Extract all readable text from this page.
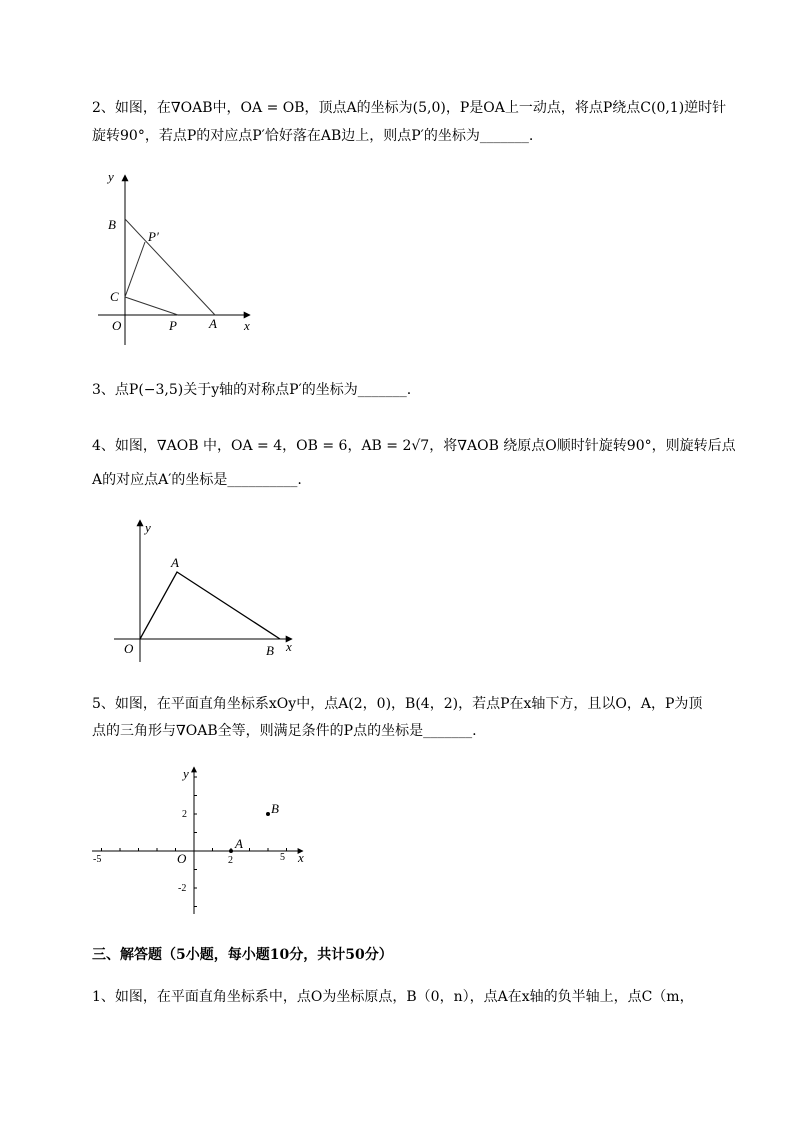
2、如图，在∇OAB中，OA = OB，顶点A的坐标为(5,0)，P是OA上一动点，将点P绕点C(0,1)逆时针
旋转90°，若点P的对应点P′恰好落在AB边上，则点P′的坐标为_______.
y
x
B
P′
C
O	P A
3、点P(−3,5)关于y轴的对称点P′的坐标为_______.
4、如图，∇AOB 中，OA = 4，OB = 6，AB = 2√7，将∇AOB 绕原点O顺时针旋转90°，则旋转后点
A的对应点A′的坐标是__________.
y
x
A
O	B
5、如图，在平面直角坐标系xOy中，点A(2，0)，B(4，2)，若点P在x轴下方，且以O，A，P为顶
点的三角形与∇OAB全等，则满足条件的P点的坐标是_______.
y
x
A
B
O
-5	2	5
2
-2
三、解答题（5小题，每小题10分，共计50分）
1、如图，在平面直角坐标系中，点O为坐标原点，B（0，n），点A在x轴的负半轴上，点C（m，
